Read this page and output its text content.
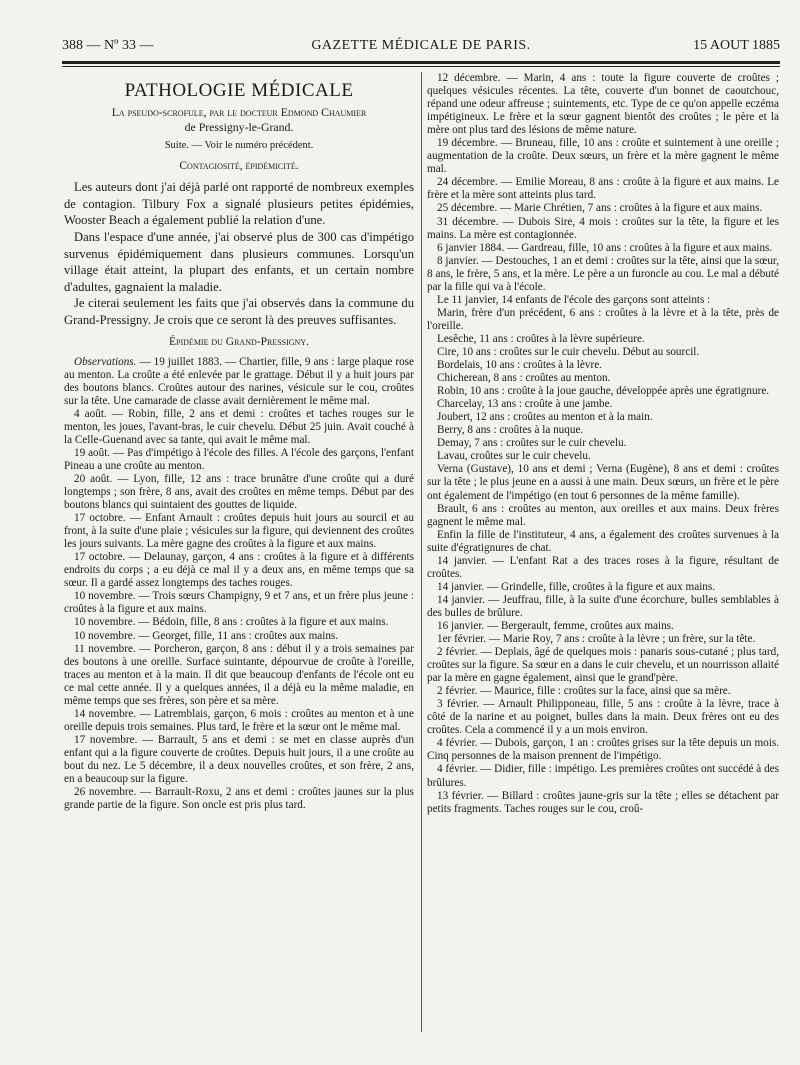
388 — Nº 33 —	GAZETTE MÉDICALE DE PARIS.	15 AOUT 1885
PATHOLOGIE MÉDICALE
La pseudo-scrofule, par le docteur Edmond Chaumier
de Pressigny-le-Grand.
Suite. — Voir le numéro précédent.
Contagiosité, épidémicité.

Les auteurs dont j'ai déjà parlé ont rapporté de nombreux exemples de contagion. Tilbury Fox a signalé plusieurs petites épidémies, Wooster Beach a également publié la relation d'une.

Dans l'espace d'une année, j'ai observé plus de 300 cas d'impétigo survenus épidémiquement dans plusieurs communes. Lorsqu'un village était atteint, la plupart des enfants, et un certain nombre d'adultes, gagnaient la maladie.

Je citerai seulement les faits que j'ai observés dans la commune du Grand-Pressigny. Je crois que ce seront là des preuves suffisantes.

Épidémie du Grand-Pressigny.

Observations. — 19 juillet 1883. — Chartier, fille, 9 ans : large plaque rose au menton. La croûte a été enlevée par le grattage. Début il y a huit jours par des boutons blancs. Croûtes autour des narines, vésicule sur le cou, croûtes sur la tête. Une camarade de classe avait dernièrement le même mal.

4 août. — Robin, fille, 2 ans et demi : croûtes et taches rouges sur le menton, les joues, l'avant-bras, le cuir chevelu. Début 25 juin. Avait couché à la Celle-Guenand avec sa tante, qui avait le même mal.

19 août. — Pas d'impétigo à l'école des filles. A l'école des garçons, l'enfant Pineau a une croûte au menton.

20 août. — Lyon, fille, 12 ans : trace brunâtre d'une croûte qui a duré longtemps ; son frère, 8 ans, avait des croûtes en même temps. Début par des boutons blancs qui suintaient des gouttes de liquide.

17 octobre. — Enfant Arnault : croûtes depuis huit jours au sourcil et au front, à la suite d'une plaie ; vésicules sur la figure, qui deviennent des croûtes les jours suivants. La mère gagne des croûtes à la figure et aux mains.

17 octobre. — Delaunay, garçon, 4 ans : croûtes à la figure et à différents endroits du corps ; a eu déjà ce mal il y a deux ans, en même temps que sa sœur. Il a gardé assez longtemps des taches rouges.

10 novembre. — Trois sœurs Champigny, 9 et 7 ans, et un frère plus jeune : croûtes à la figure et aux mains.

10 novembre. — Bédoin, fille, 8 ans : croûtes à la figure et aux mains.

10 novembre. — Georget, fille, 11 ans : croûtes aux mains.

11 novembre. — Porcheron, garçon, 8 ans : début il y a trois semaines par des boutons à une oreille. Surface suintante, dépourvue de croûte à l'oreille, traces au menton et à la main. Il dit que beaucoup d'enfants de l'école ont eu ce mal cette année. Il y a quelques années, il a déjà eu la même maladie, en même temps que ses frères, son père et sa mère.

14 novembre. — Latremblais, garçon, 6 mois : croûtes au menton et à une oreille depuis trois semaines. Plus tard, le frère et la sœur ont le même mal.

17 novembre. — Barrault, 5 ans et demi : se met en classe auprès d'un enfant qui a la figure couverte de croûtes. Depuis huit jours, il a une croûte au bout du nez. Le 5 décembre, il a deux nouvelles croûtes, et son frère, 2 ans, en a beaucoup sur la figure.

26 novembre. — Barrault-Roxu, 2 ans et demi : croûtes jaunes sur la plus grande partie de la figure. Son oncle est pris plus tard.

12 décembre. — Marin, 4 ans : toute la figure couverte de croûtes ; quelques vésicules récentes. La tête, couverte d'un bonnet de caoutchouc, répand une odeur affreuse ; suintements, etc. Type de ce qu'on appelle eczéma impétigineux. Le frère et la sœur gagnent bientôt des croûtes ; le père et la mère ont plus tard des lésions de même nature.

19 décembre. — Bruneau, fille, 10 ans : croûte et suintement à une oreille ; augmentation de la croûte. Deux sœurs, un frère et la mère gagnent le même mal.

24 décembre. — Emilie Moreau, 8 ans : croûte à la figure et aux mains. Le frère et la mère sont atteints plus tard.

25 décembre. — Marie Chrétien, 7 ans : croûtes à la figure et aux mains.

31 décembre. — Dubois Sire, 4 mois : croûtes sur la tête, la figure et les mains. La mère est contagionnée.

6 janvier 1884. — Gardreau, fille, 10 ans : croûtes à la figure et aux mains.

8 janvier. — Destouches, 1 an et demi : croûtes sur la tête, ainsi que la sœur, 8 ans, le frère, 5 ans, et la mère. Le père a un furoncle au cou. Le mal a débuté par la fille qui va à l'école.

Le 11 janvier, 14 enfants de l'école des garçons sont atteints :

Marin, frère d'un précédent, 6 ans : croûtes à la lèvre et à la tête, près de l'oreille.

Lesêche, 11 ans : croûtes à la lèvre supérieure.

Cire, 10 ans : croûtes sur le cuir chevelu. Début au sourcil.

Bordelais, 10 ans : croûtes à la lèvre.

Chicherean, 8 ans : croûtes au menton.

Robin, 10 ans : croûte à la joue gauche, développée après une égratignure.

Charcelay, 13 ans : croûte à une jambe.

Joubert, 12 ans : croûtes au menton et à la main.

Berry, 8 ans : croûtes à la nuque.

Demay, 7 ans : croûtes sur le cuir chevelu.

Lavau, croûtes sur le cuir chevelu.

Verna (Gustave), 10 ans et demi ; Verna (Eugène), 8 ans et demi : croûtes sur la tête ; le plus jeune en a aussi à une main. Deux sœurs, un frère et le père ont également de l'impétigo (en tout 6 personnes de la même famille).

Brault, 6 ans : croûtes au menton, aux oreilles et aux mains. Deux frères gagnent le même mal.

Enfin la fille de l'instituteur, 4 ans, a également des croûtes survenues à la suite d'égratignures de chat.

14 janvier. — L'enfant Rat a des traces roses à la figure, résultant de croûtes.

14 janvier. — Grindelle, fille, croûtes à la figure et aux mains.

14 janvier. — Jeuffrau, fille, à la suite d'une écorchure, bulles semblables à des bulles de brûlure.

16 janvier. — Bergerault, femme, croûtes aux mains.

1er février. — Marie Roy, 7 ans : croûte à la lèvre ; un frère, sur la tête.

2 février. — Deplais, âgé de quelques mois : panaris sous-cutané ; plus tard, croûtes sur la figure. Sa sœur en a dans le cuir chevelu, et un nourrisson allaité par la mère en gagne également, ainsi que le grand'père.

2 février. — Maurice, fille : croûtes sur la face, ainsi que sa mère.

3 février. — Arnault Philipponeau, fille, 5 ans : croûte à la lèvre, trace à côté de la narine et au poignet, bulles dans la main. Deux frères ont eu des croûtes. Cela a commencé il y a un mois environ.

4 février. — Dubois, garçon, 1 an : croûtes grises sur la tête depuis un mois. Cinq personnes de la maison prennent de l'impétigo.

4 février. — Didier, fille : impétigo. Les premières croûtes ont succédé à des brûlures.

13 février. — Billard : croûtes jaune-gris sur la tête ; elles se détachent par petits fragments. Taches rouges sur le cou, croû-
